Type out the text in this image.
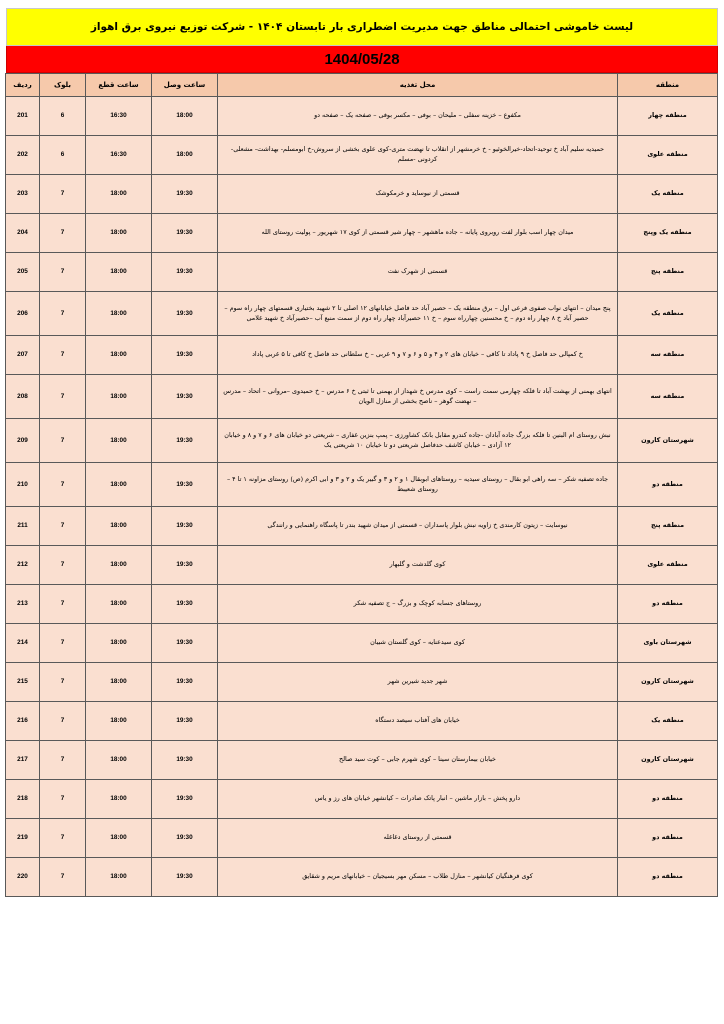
لیست خاموشی احتمالی مناطق جهت مدیریت اضطراری بار تابستان ۱۴۰۴ - شرکت توزیع نیروی برق اهواز
1404/05/28
منطقه	محل تغذیه	ساعت وصل	ساعت قطع	بلوک	ردیف
منطقه چهار	مکفوع – خزینه سفلی – ملیحان – بوفی – مکسر بوفی – صفحه یک – صفحه دو	18:00	16:30	6	201
منطقه علوی	حمیدیه سلیم آباد خ توحید-اتحاد-خیرالخوئیو - خ خرمشهر از انقلاب تا نهضت متری-کوی علوی بخشی از سروش-خ ابومسلم- بهداشت- مشعلی- کردونی -مسلم	18:00	16:30	6	202
منطقه یک	قسمتی از نیوساید و خرمکوشک	19:30	18:00	7	203
منطقه یک وپنج	میدان چهار اسب بلوار لفت روبروی پایانه – جاده ماهشهر – چهار شیر قسمتی از کوی ۱۷ شهریور – پولیت روستای الله	19:30	18:00	7	204
منطقه پنج	قسمتی از شهرک نفت	19:30	18:00	7	205
منطقه یک	پنج میدان – انتهای نواب صفوی فرعی اول – برق منطقه یک – حصیر آباد حد فاصل خیابانهای ۱۲ اصلی تا ۲ شهید بختیاری قسمتهای چهار راه سوم – حصیر آباد خ ۸ چهار راه دوم – خ محسنین چهارراه سوم – خ ۱۱ حصیرآباد چهار راه دوم از سمت منبع آب –حصیرآباد خ شهید غلامی	19:30	18:00	7	206
منطقه سه	خ کمپالی حد فاصل خ ۹ پاداد تا کافی – خیابان های ۲ و ۴ و ۵ و ۶ و ۷ و ۹ غربی – خ سلطانی حد فاصل خ کافی تا ۵ غربی پاداد	19:30	18:00	7	207
منطقه سه	انتهای بهمنی از بهشت آباد تا فلکه چهارمی سمت راست – کوی مدرس خ شهداز از بهمنی تا ثبتی خ ۶ مدرس – خ حمیدوی –مروانی – اتحاد – مدرس – نهضت گوهر – ناصح بخشی از منازل الویان	19:30	18:00	7	208
شهرستان کارون	نبش روستای ام البنین تا فلکه بزرگ جاده آبادان -جاده کندرو مقابل بانک کشاورزی – پمپ بنزین غفاری – شریعتی دو خیابان های ۶ و ۷ و ۸ و خیابان ۱۲ آزادی – خیابان کاشف حدفاصل شریعتی دو تا خیابان ۱۰ شریعتی یک	19:30	18:00	7	209
منطقه دو	جاده تصفیه شکر – سه راهی ابو بقال – روستای سیدیه – روستاهای ابوبقال ۱ و ۲ و ۳ و گبیر یک و ۲ و ۳ و ابی اکرم (ص) روستای مزاونه ۱ تا ۴ – روستای شعیبط	19:30	18:00	7	210
منطقه پنج	نیوسایت – زیتون کارمندی خ زاویه نبش بلوار پاسداران – قسمتی از میدان شهید بندر تا پاسگاه راهنمایی و رانندگی	19:30	18:00	7	211
منطقه علوی	کوی گلدشت و گلبهار	19:30	18:00	7	212
منطقه دو	روستاهای جسابه کوچک و بزرگ – ج تصفیه شکر	19:30	18:00	7	213
شهرستان باوی	کوی سیدعنایه – کوی گلستان شبیان	19:30	18:00	7	214
شهرستان کارون	شهر جدید شیرین شهر	19:30	18:00	7	215
منطقه یک	خیابان های آفتاب سیصد دستگاه	19:30	18:00	7	216
شهرستان کارون	خیابان بیمارستان سینا – کوی شهرم جابی – کوت سید صالح	19:30	18:00	7	217
منطقه دو	دارو پخش – بازار ماشین – انبار پاتک صادرات – کیانشهر خیابان های رز و یاس	19:30	18:00	7	218
منطقه دو	قسمتی از روستای دغاغله	19:30	18:00	7	219
منطقه دو	کوی فرهنگیان کیانشهر – منازل طلاب – مسکن مهر بسیجیان – خیابانهای مریم و شقایق	19:30	18:00	7	220
